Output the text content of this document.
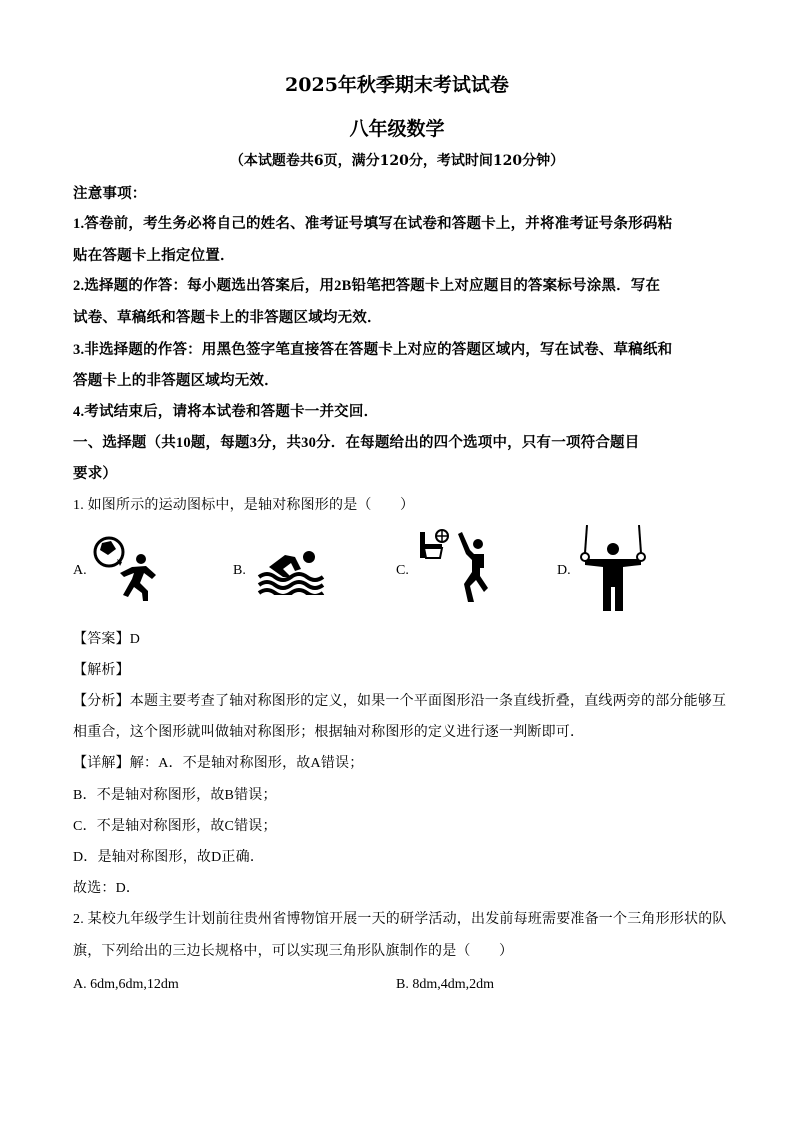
2025年秋季期末考试试卷
八年级数学
（本试题卷共6页，满分120分，考试时间120分钟）
注意事项：
1.答卷前，考生务必将自己的姓名、准考证号填写在试卷和答题卡上，并将准考证号条形码粘
贴在答题卡上指定位置．
2.选择题的作答：每小题选出答案后，用2B铅笔把答题卡上对应题目的答案标号涂黑．写在
试卷、草稿纸和答题卡上的非答题区域均无效．
3.非选择题的作答：用黑色签字笔直接答在答题卡上对应的答题区域内，写在试卷、草稿纸和
答题卡上的非答题区域均无效．
4.考试结束后，请将本试卷和答题卡一并交回．
一、选择题（共10题，每题3分，共30分．在每题给出的四个选项中，只有一项符合题目
要求）
1. 如图所示的运动图标中，是轴对称图形的是（　　）
A.	B.	C.	D.
【答案】D
【解析】
【分析】本题主要考查了轴对称图形的定义，如果一个平面图形沿一条直线折叠，直线两旁的部分能够互
相重合，这个图形就叫做轴对称图形；根据轴对称图形的定义进行逐一判断即可．
【详解】解：A．不是轴对称图形，故A错误；
B．不是轴对称图形，故B错误；
C．不是轴对称图形，故C错误；
D．是轴对称图形，故D正确．
故选：D．
2. 某校九年级学生计划前往贵州省博物馆开展一天的研学活动，出发前每班需要准备一个三角形形状的队
旗，下列给出的三边长规格中，可以实现三角形队旗制作的是（　　）
A. 6dm,6dm,12dm	B. 8dm,4dm,2dm
